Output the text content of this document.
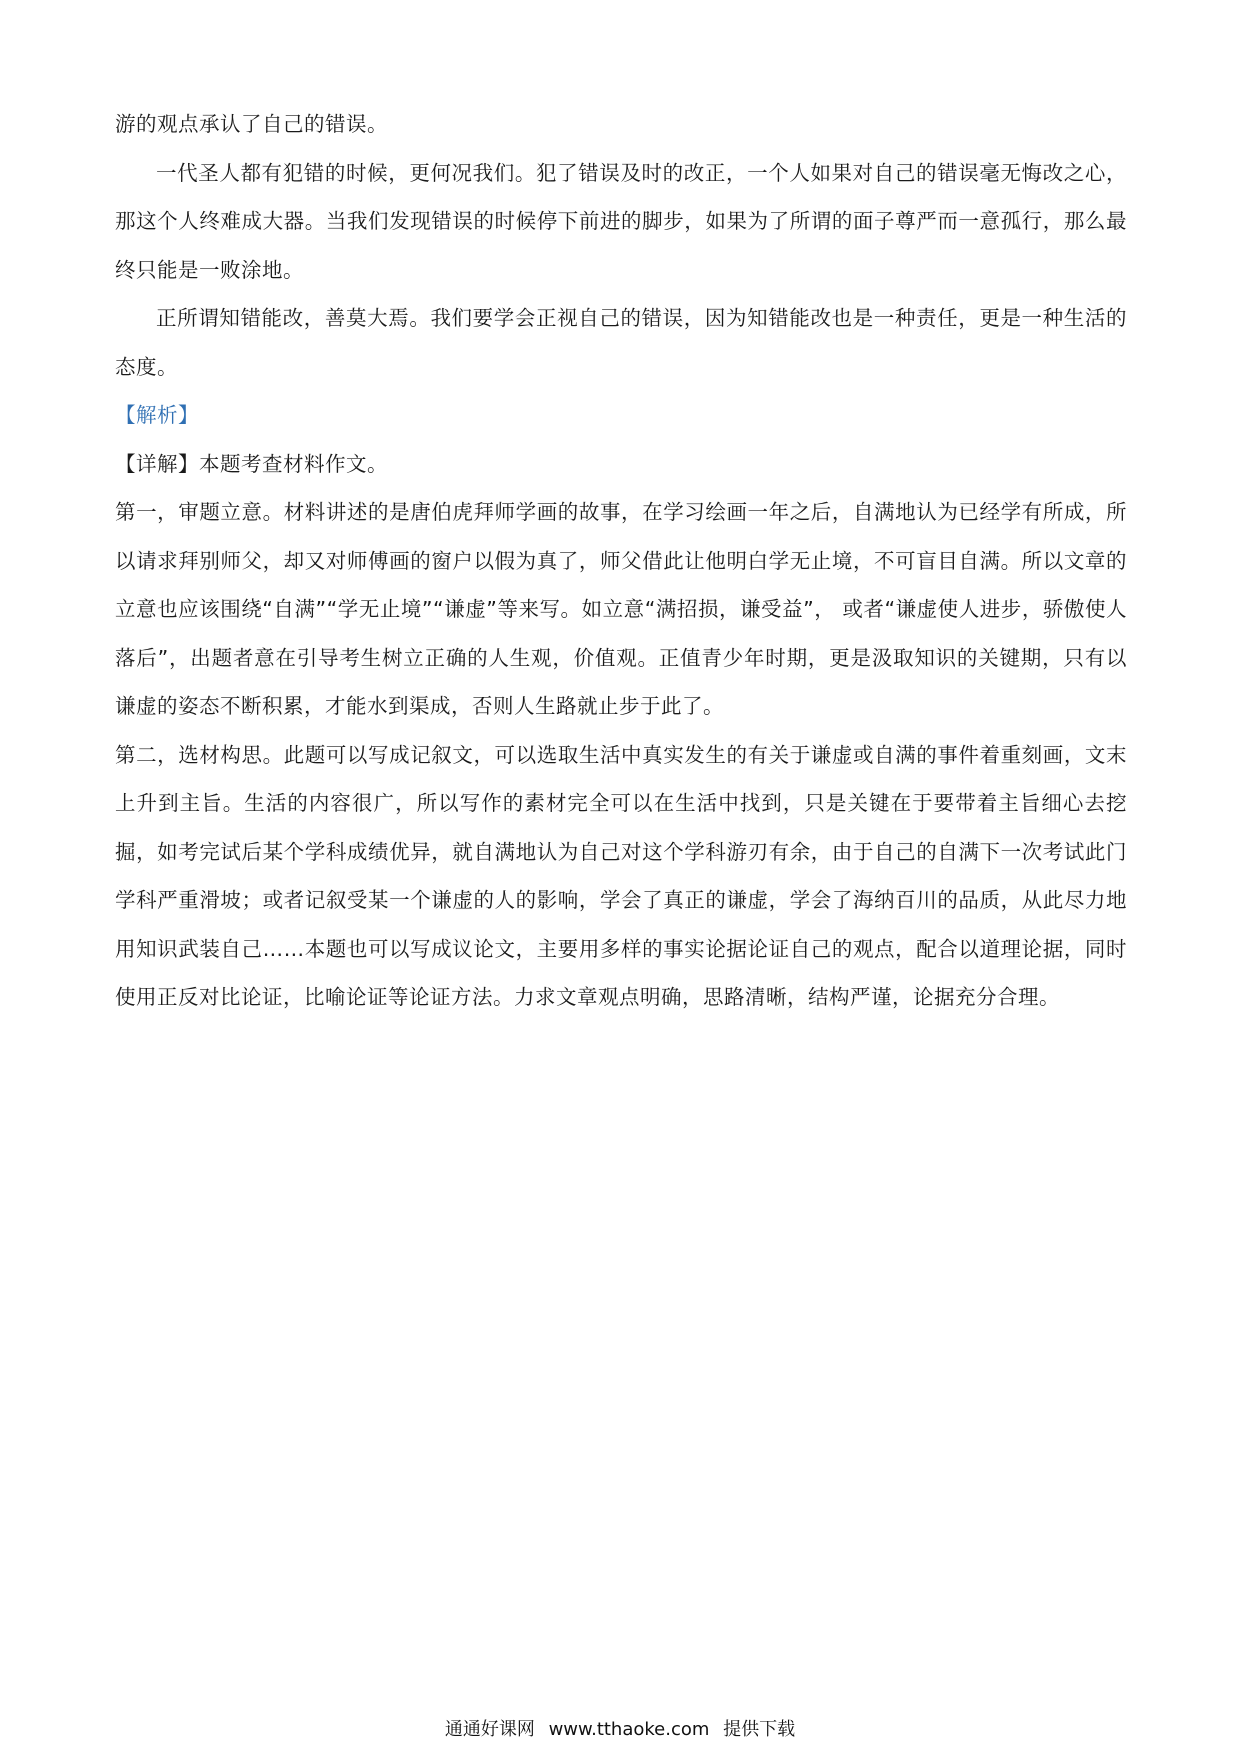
游的观点承认了自己的错误。

一代圣人都有犯错的时候，更何况我们。犯了错误及时的改正，一个人如果对自己的错误毫无悔改之心，那这个人终难成大器。当我们发现错误的时候停下前进的脚步，如果为了所谓的面子尊严而一意孤行，那么最终只能是一败涂地。

正所谓知错能改，善莫大焉。我们要学会正视自己的错误，因为知错能改也是一种责任，更是一种生活的态度。

【解析】

【详解】本题考查材料作文。

第一，审题立意。材料讲述的是唐伯虎拜师学画的故事，在学习绘画一年之后，自满地认为已经学有所成，所以请求拜别师父，却又对师傅画的窗户以假为真了，师父借此让他明白学无止境，不可盲目自满。所以文章的立意也应该围绕“自满”“学无止境”“谦虚”等来写。如立意“满招损，谦受益”， 或者“谦虚使人进步，骄傲使人落后”，出题者意在引导考生树立正确的人生观，价值观。正值青少年时期，更是汲取知识的关键期，只有以谦虚的姿态不断积累，才能水到渠成，否则人生路就止步于此了。

第二，选材构思。此题可以写成记叙文，可以选取生活中真实发生的有关于谦虚或自满的事件着重刻画，文末上升到主旨。生活的内容很广，所以写作的素材完全可以在生活中找到，只是关键在于要带着主旨细心去挖掘，如考完试后某个学科成绩优异，就自满地认为自己对这个学科游刃有余，由于自己的自满下一次考试此门学科严重滑坡；或者记叙受某一个谦虚的人的影响，学会了真正的谦虚，学会了海纳百川的品质，从此尽力地用知识武装自己……本题也可以写成议论文，主要用多样的事实论据论证自己的观点，配合以道理论据，同时使用正反对比论证，比喻论证等论证方法。力求文章观点明确，思路清晰，结构严谨，论据充分合理。

通通好课网 www.tthaoke.com 提供下载
